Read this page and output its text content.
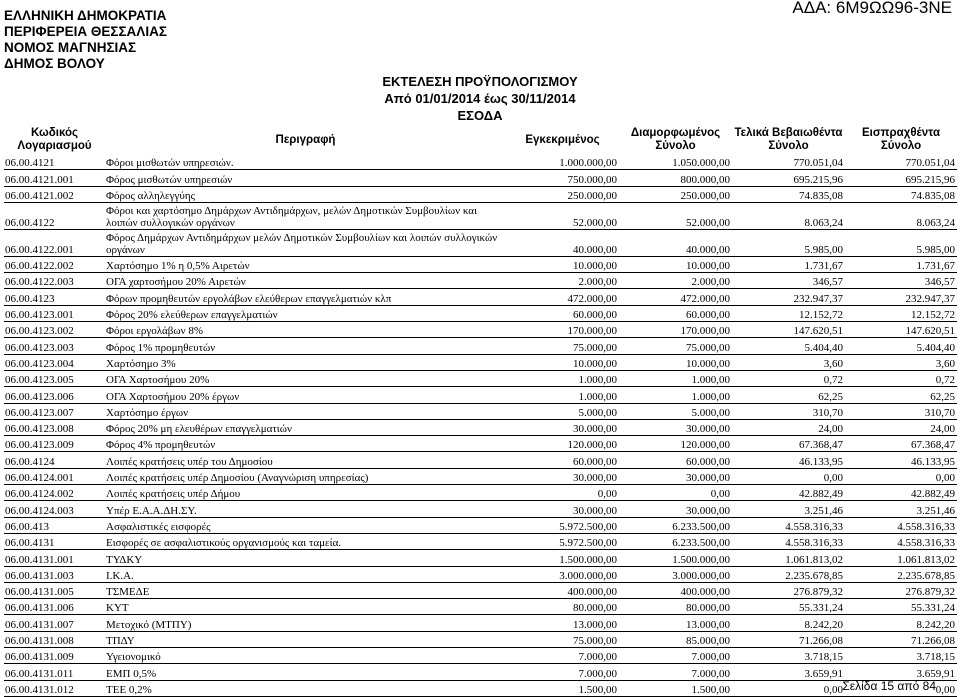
ΕΛΛΗΝΙΚΗ ΔΗΜΟΚΡΑΤΙΑ
ΠΕΡΙΦΕΡΕΙΑ ΘΕΣΣΑΛΙΑΣ
ΝΟΜΟΣ ΜΑΓΝΗΣΙΑΣ
ΔΗΜΟΣ ΒΟΛΟΥ
ΑΔΑ: 6Μ9ΩΩ96-3ΝΕ
ΕΚΤΕΛΕΣΗ ΠΡΟΫΠΟΛΟΓΙΣΜΟΥ
Από 01/01/2014 έως 30/11/2014
ΕΣΟΔΑ
Κωδικός Λογαριασμού	Περιγραφή	Εγκεκριμένος	Διαμορφωμένος Σύνολο	Τελικά Βεβαιωθέντα Σύνολο	Εισπραχθέντα Σύνολο
06.00.4121	Φόροι μισθωτών υπηρεσιών.	1.000.000,00	1.050.000,00	770.051,04	770.051,04
06.00.4121.001	Φόρος μισθωτών υπηρεσιών	750.000,00	800.000,00	695.215,96	695.215,96
06.00.4121.002	Φόρος αλληλεγγύης	250.000,00	250.000,00	74.835,08	74.835,08
06.00.4122	Φόροι και χαρτόσημο Δημάρχων Αντιδημάρχων, μελών Δημοτικών Συμβουλίων και λοιπών συλλογικών οργάνων	52.000,00	52.000,00	8.063,24	8.063,24
06.00.4122.001	Φόρος Δημάρχων Αντιδημάρχων μελών Δημοτικών Συμβουλίων και λοιπών συλλογικών οργάνων	40.000,00	40.000,00	5.985,00	5.985,00
06.00.4122.002	Χαρτόσημο 1% η 0,5% Αιρετών	10.000,00	10.000,00	1.731,67	1.731,67
06.00.4122.003	ΟΓΑ χαρτοσήμου 20% Αιρετών	2.000,00	2.000,00	346,57	346,57
06.00.4123	Φόρων προμηθευτών εργολάβων ελεύθερων επαγγελματιών κλπ	472.000,00	472.000,00	232.947,37	232.947,37
06.00.4123.001	Φόρος 20% ελεύθερων επαγγελματιών	60.000,00	60.000,00	12.152,72	12.152,72
06.00.4123.002	Φόροι εργολάβων 8%	170.000,00	170.000,00	147.620,51	147.620,51
06.00.4123.003	Φόρος 1% προμηθευτών	75.000,00	75.000,00	5.404,40	5.404,40
06.00.4123.004	Χαρτόσημο 3%	10.000,00	10.000,00	3,60	3,60
06.00.4123.005	ΟΓΑ Χαρτοσήμου 20%	1.000,00	1.000,00	0,72	0,72
06.00.4123.006	ΟΓΑ Χαρτοσήμου 20% έργων	1.000,00	1.000,00	62,25	62,25
06.00.4123.007	Χαρτόσημο έργων	5.000,00	5.000,00	310,70	310,70
06.00.4123.008	Φόρος 20% μη ελευθέρων επαγγελματιών	30.000,00	30.000,00	24,00	24,00
06.00.4123.009	Φόρος 4% προμηθευτών	120.000,00	120.000,00	67.368,47	67.368,47
06.00.4124	Λοιπές κρατήσεις υπέρ του Δημοσίου	60.000,00	60.000,00	46.133,95	46.133,95
06.00.4124.001	Λοιπές κρατήσεις υπέρ Δημοσίου (Αναγνώριση υπηρεσίας)	30.000,00	30.000,00	0,00	0,00
06.00.4124.002	Λοιπές κρατήσεις υπέρ Δήμου	0,00	0,00	42.882,49	42.882,49
06.00.4124.003	Υπέρ Ε.Α.Α.ΔΗ.ΣΥ.	30.000,00	30.000,00	3.251,46	3.251,46
06.00.413	Ασφαλιστικές εισφορές	5.972.500,00	6.233.500,00	4.558.316,33	4.558.316,33
06.00.4131	Εισφορές σε ασφαλιστικούς οργανισμούς και ταμεία.	5.972.500,00	6.233.500,00	4.558.316,33	4.558.316,33
06.00.4131.001	ΤΥΔΚΥ	1.500.000,00	1.500.000,00	1.061.813,02	1.061.813,02
06.00.4131.003	Ι.Κ.Α.	3.000.000,00	3.000.000,00	2.235.678,85	2.235.678,85
06.00.4131.005	ΤΣΜΕΔΕ	400.000,00	400.000,00	276.879,32	276.879,32
06.00.4131.006	ΚΥΤ	80.000,00	80.000,00	55.331,24	55.331,24
06.00.4131.007	Μετοχικό (ΜΤΠΥ)	13.000,00	13.000,00	8.242,20	8.242,20
06.00.4131.008	ΤΠΔΥ	75.000,00	85.000,00	71.266,08	71.266,08
06.00.4131.009	Υγειονομικό	7.000,00	7.000,00	3.718,15	3.718,15
06.00.4131.011	ΕΜΠ 0,5%	7.000,00	7.000,00	3.659,91	3.659,91
06.00.4131.012	ΤΕΕ 0,2%	1.500,00	1.500,00	0,00	0,00
Σελίδα 15 από 84
